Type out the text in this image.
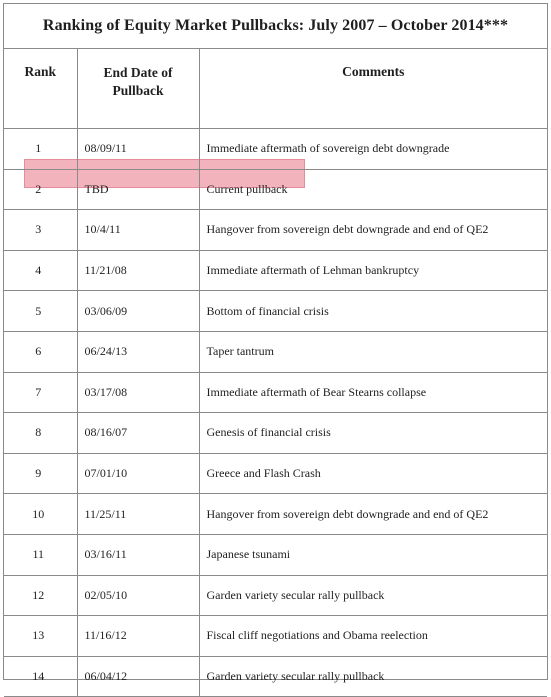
Ranking of Equity Market Pullbacks: July 2007 – October 2014***
Rank	End Date of Pullback	Comments
1	08/09/11	Immediate aftermath of sovereign debt downgrade
2	TBD	Current pullback
3	10/4/11	Hangover from sovereign debt downgrade and end of QE2
4	11/21/08	Immediate aftermath of Lehman bankruptcy
5	03/06/09	Bottom of financial crisis
6	06/24/13	Taper tantrum
7	03/17/08	Immediate aftermath of Bear Stearns collapse
8	08/16/07	Genesis of financial crisis
9	07/01/10	Greece and Flash Crash
10	11/25/11	Hangover from sovereign debt downgrade and end of QE2
11	03/16/11	Japanese tsunami
12	02/05/10	Garden variety secular rally pullback
13	11/16/12	Fiscal cliff negotiations and Obama reelection
14	06/04/12	Garden variety secular rally pullback
